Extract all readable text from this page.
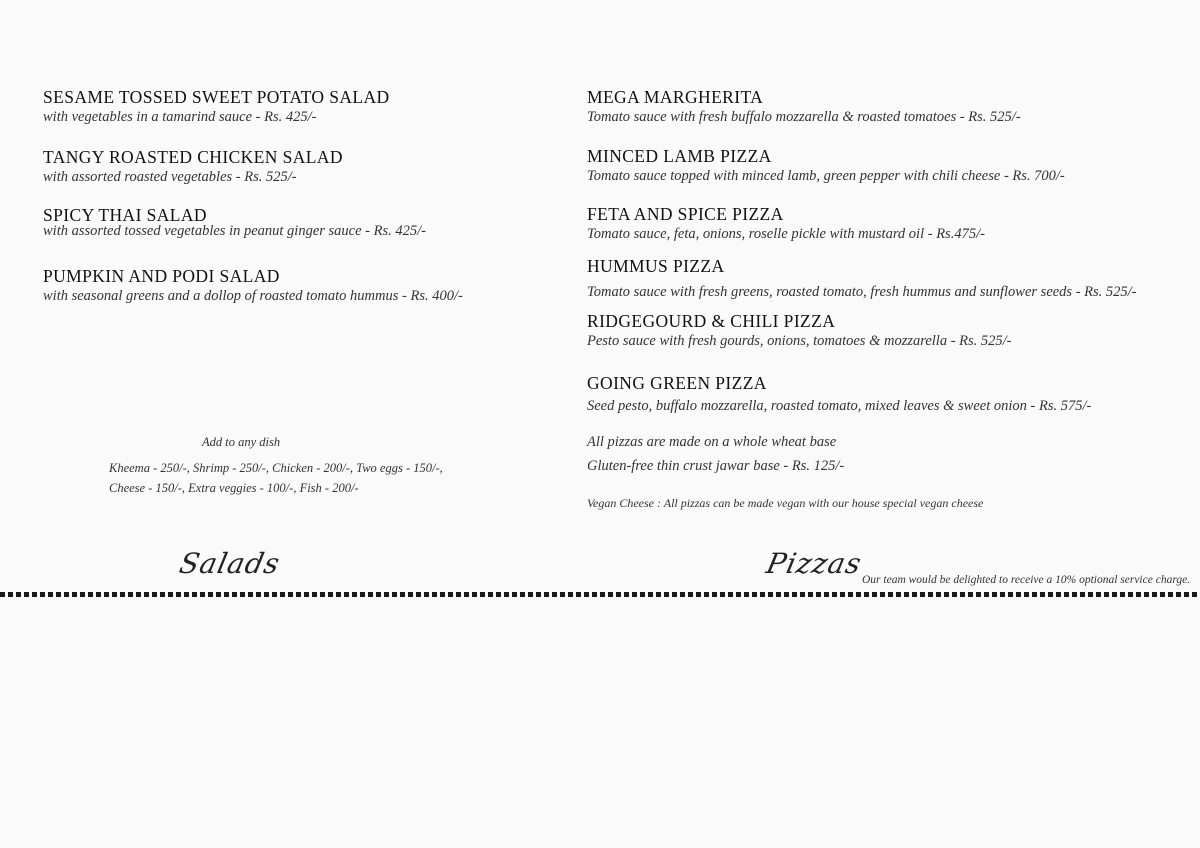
SESAME TOSSED SWEET POTATO SALAD
with vegetables in a tamarind sauce - Rs. 425/-
TANGY ROASTED CHICKEN SALAD
with assorted roasted vegetables - Rs. 525/-
SPICY THAI SALAD
with assorted tossed vegetables in peanut ginger sauce - Rs. 425/-
PUMPKIN AND PODI SALAD
with seasonal greens and a dollop of roasted tomato hummus - Rs. 400/-
Add to any dish
Kheema - 250/-, Shrimp - 250/-, Chicken - 200/-, Two eggs - 150/-,
Cheese - 150/-, Extra veggies - 100/-, Fish - 200/-
Salads
MEGA MARGHERITA
Tomato sauce with fresh buffalo mozzarella & roasted tomatoes - Rs. 525/-
MINCED LAMB PIZZA
Tomato sauce topped with minced lamb, green pepper with chili cheese - Rs. 700/-
FETA AND SPICE PIZZA
Tomato sauce, feta, onions, roselle pickle with mustard oil - Rs.475/-
HUMMUS PIZZA
Tomato sauce with fresh greens, roasted tomato, fresh hummus and sunflower seeds - Rs. 525/-
RIDGEGOURD & CHILI PIZZA
Pesto sauce with fresh gourds, onions, tomatoes & mozzarella - Rs. 525/-
GOING GREEN PIZZA
Seed pesto, buffalo mozzarella, roasted tomato, mixed leaves & sweet onion - Rs. 575/-
All pizzas are made on a whole wheat base
Gluten-free thin crust jawar base - Rs. 125/-
Vegan Cheese : All pizzas can be made vegan with our house special vegan cheese
Pizzas
Our team would be delighted to receive a 10% optional service charge.
